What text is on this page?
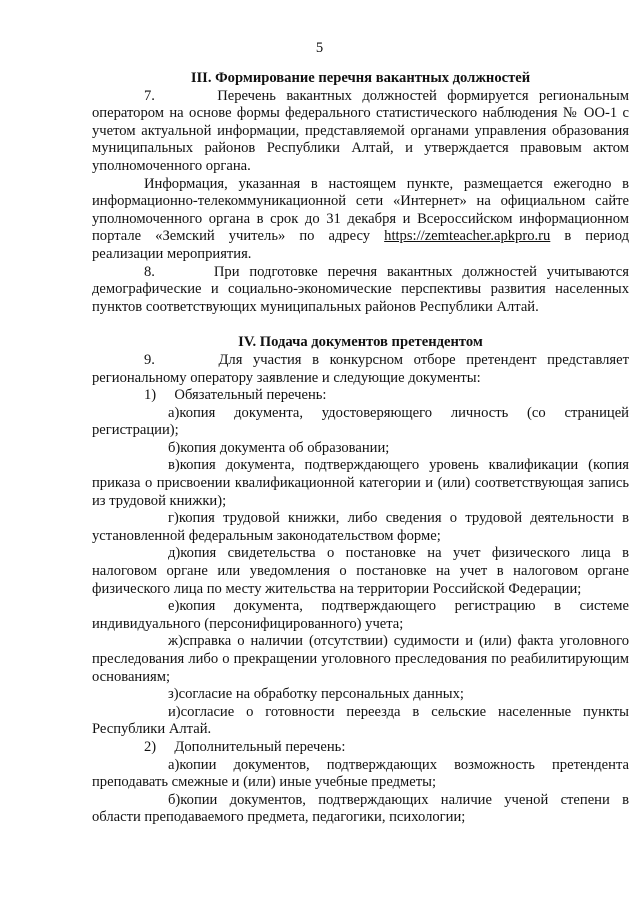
5
III. Формирование перечня вакантных должностей

7.      Перечень вакантных должностей формируется региональным оператором на основе формы федерального статистического наблюдения № ОО-1 с учетом актуальной информации, представляемой органами управления образования муниципальных районов Республики Алтай, и утверждается правовым актом уполномоченного органа.

Информация, указанная в настоящем пункте, размещается ежегодно в информационно-телекоммуникационной сети «Интернет» на официальном сайте уполномоченного органа в срок до 31 декабря и Всероссийском информационном портале «Земский учитель» по адресу https://zemteacher.apkpro.ru в период реализации мероприятия.

8.      При подготовке перечня вакантных должностей учитываются демографические и социально-экономические перспективы развития населенных пунктов соответствующих муниципальных районов Республики Алтай.

IV. Подача документов претендентом

9.      Для участия в конкурсном отборе претендент представляет региональному оператору заявление и следующие документы:

1)     Обязательный перечень:

а)копия документа, удостоверяющего личность (со страницей регистрации);
б)копия документа об образовании;
в)копия документа, подтверждающего уровень квалификации (копия приказа о присвоении квалификационной категории и (или) соответствующая запись из трудовой книжки);
г)копия трудовой книжки, либо сведения о трудовой деятельности в установленной федеральным законодательством форме;
д)копия свидетельства о постановке на учет физического лица в налоговом органе или уведомления о постановке на учет в налоговом органе физического лица по месту жительства на территории Российской Федерации;
е)копия документа, подтверждающего регистрацию в системе индивидуального (персонифицированного) учета;
ж)справка о наличии (отсутствии) судимости и (или) факта уголовного преследования либо о прекращении уголовного преследования по реабилитирующим основаниям;
з)согласие на обработку персональных данных;
и)согласие о готовности переезда в сельские населенные пункты Республики Алтай.

2)     Дополнительный перечень:

а)копии документов, подтверждающих возможность претендента преподавать смежные и (или) иные учебные предметы;
б)копии документов, подтверждающих наличие ученой степени в области преподаваемого предмета, педагогики, психологии;
